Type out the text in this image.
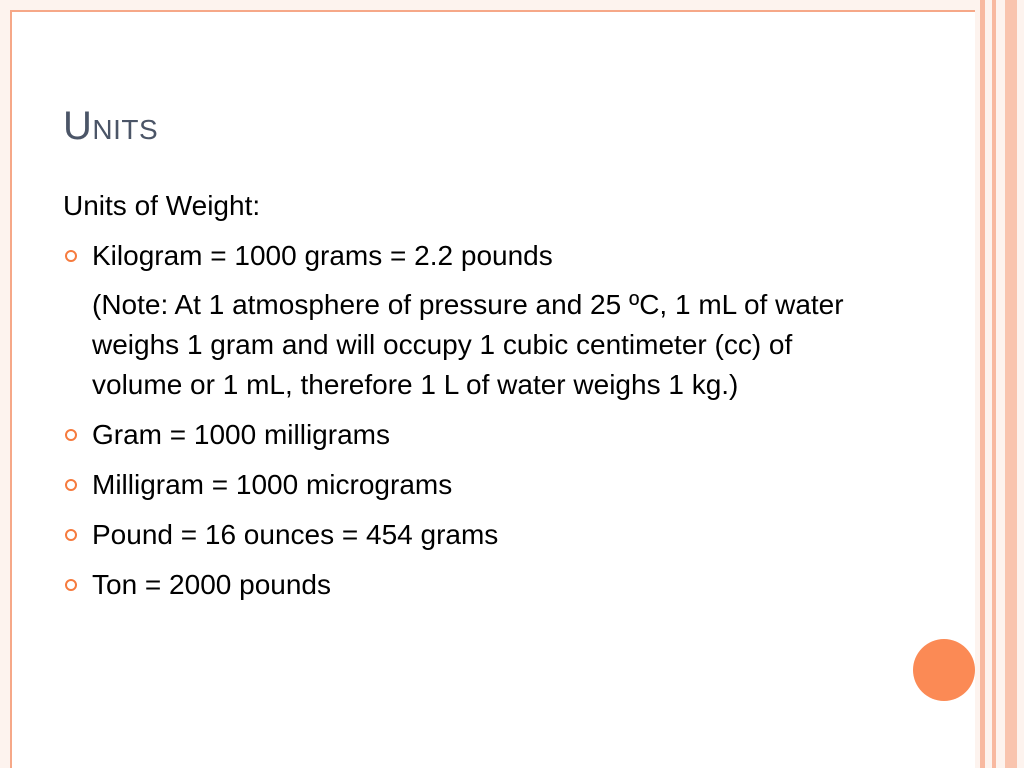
Units
Units of Weight:
Kilogram = 1000 grams = 2.2 pounds
(Note: At 1 atmosphere of pressure and 25 ºC, 1 mL of water weighs 1 gram and will occupy 1 cubic centimeter (cc) of volume or 1 mL, therefore 1 L of water weighs 1 kg.)
Gram = 1000 milligrams
Milligram = 1000 micrograms
Pound = 16 ounces = 454 grams
Ton = 2000 pounds
